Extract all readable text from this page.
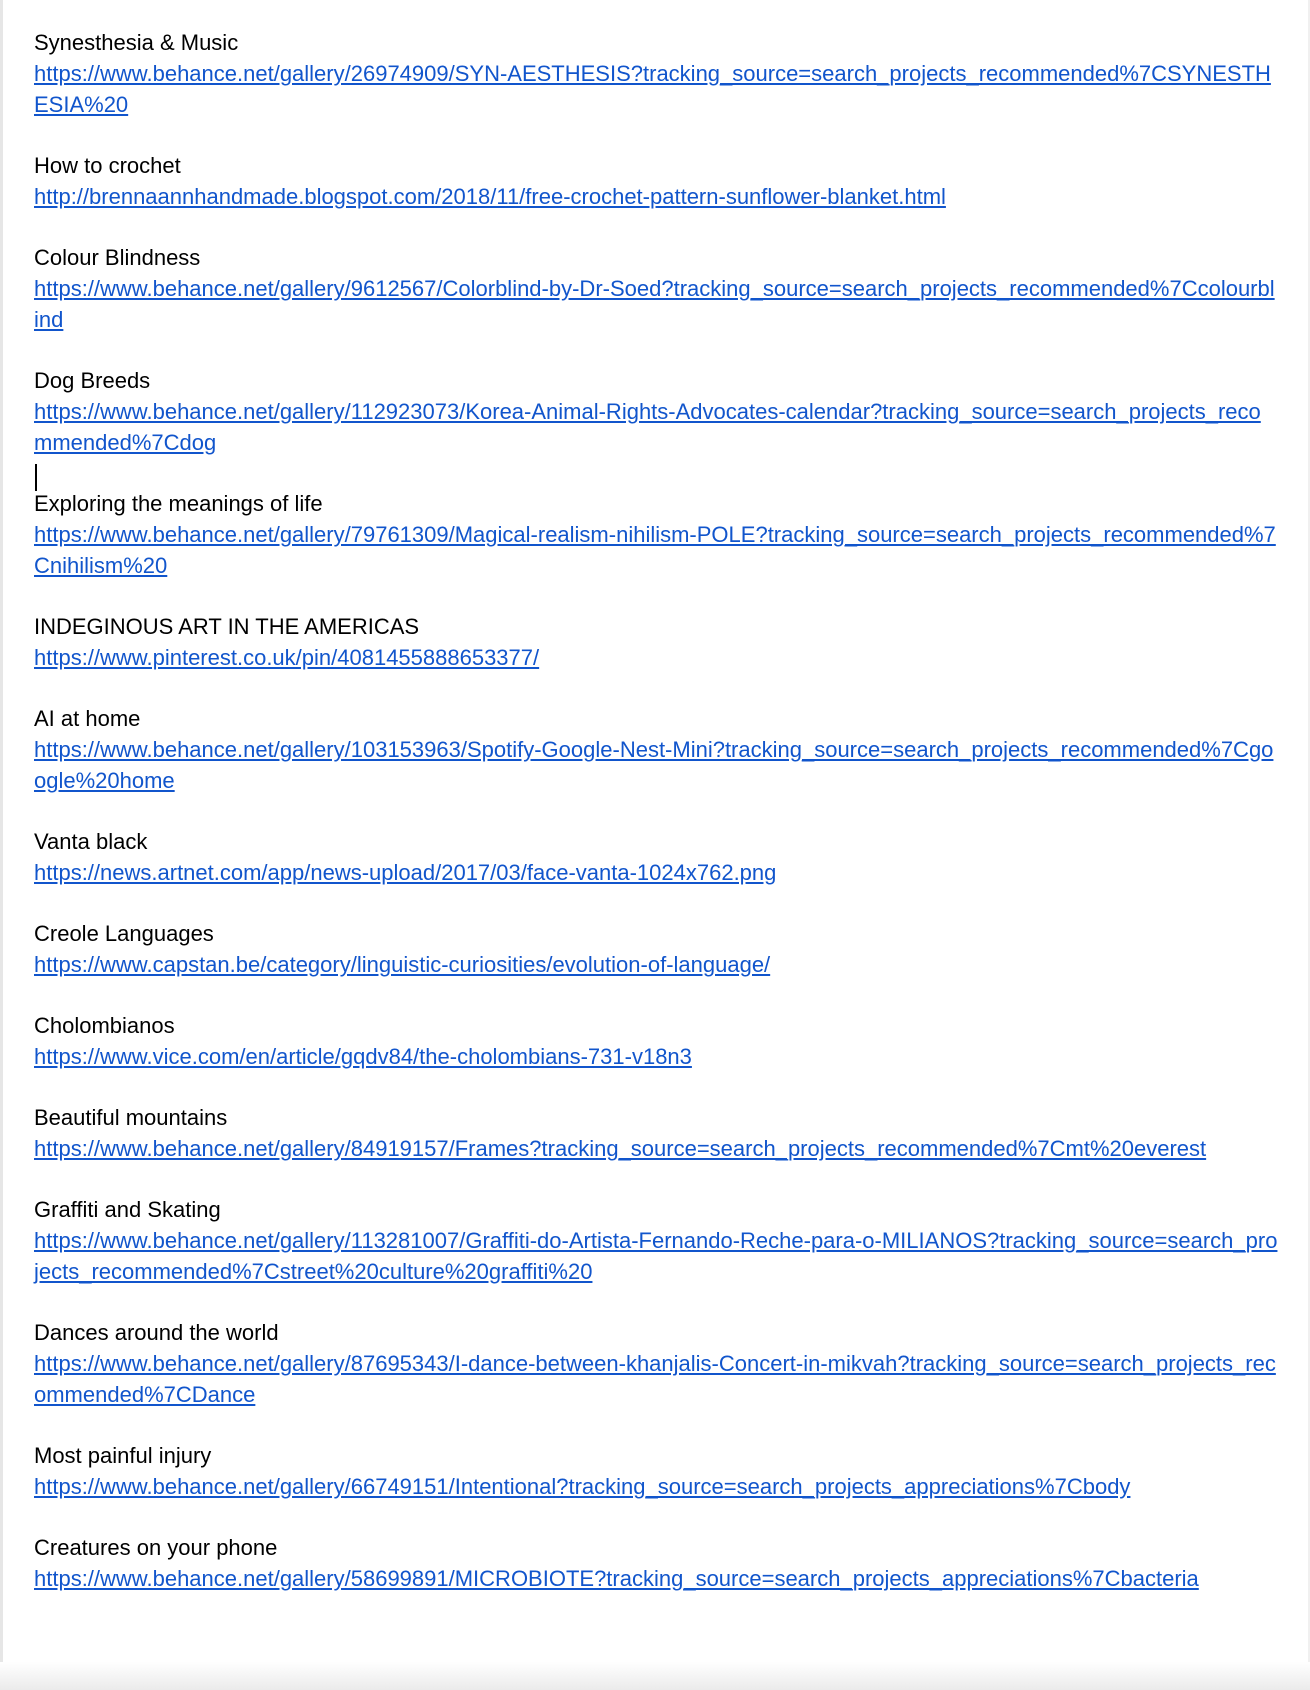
Synesthesia & Music
https://www.behance.net/gallery/26974909/SYN-AESTHESIS?tracking_source=search_projects_recommended%7CSYNESTHESIA%20
How to crochet
http://brennaannhandmade.blogspot.com/2018/11/free-crochet-pattern-sunflower-blanket.html
Colour Blindness
https://www.behance.net/gallery/9612567/Colorblind-by-Dr-Soed?tracking_source=search_projects_recommended%7Ccolourblind
Dog Breeds
https://www.behance.net/gallery/112923073/Korea-Animal-Rights-Advocates-calendar?tracking_source=search_projects_recommended%7Cdog
Exploring the meanings of life
https://www.behance.net/gallery/79761309/Magical-realism-nihilism-POLE?tracking_source=search_projects_recommended%7Cnihilism%20
INDEGINOUS ART IN THE AMERICAS
https://www.pinterest.co.uk/pin/4081455888653377/
AI at home
https://www.behance.net/gallery/103153963/Spotify-Google-Nest-Mini?tracking_source=search_projects_recommended%7Cgoogle%20home
Vanta black
https://news.artnet.com/app/news-upload/2017/03/face-vanta-1024x762.png
Creole Languages
https://www.capstan.be/category/linguistic-curiosities/evolution-of-language/
Cholombianos
https://www.vice.com/en/article/gqdv84/the-cholombians-731-v18n3
Beautiful mountains
https://www.behance.net/gallery/84919157/Frames?tracking_source=search_projects_recommended%7Cmt%20everest
Graffiti and Skating
https://www.behance.net/gallery/113281007/Graffiti-do-Artista-Fernando-Reche-para-o-MILIANOS?tracking_source=search_projects_recommended%7Cstreet%20culture%20graffiti%20
Dances around the world
https://www.behance.net/gallery/87695343/I-dance-between-khanjalis-Concert-in-mikvah?tracking_source=search_projects_recommended%7CDance
Most painful injury
https://www.behance.net/gallery/66749151/Intentional?tracking_source=search_projects_appreciations%7Cbody
Creatures on your phone
https://www.behance.net/gallery/58699891/MICROBIOTE?tracking_source=search_projects_appreciations%7Cbacteria
